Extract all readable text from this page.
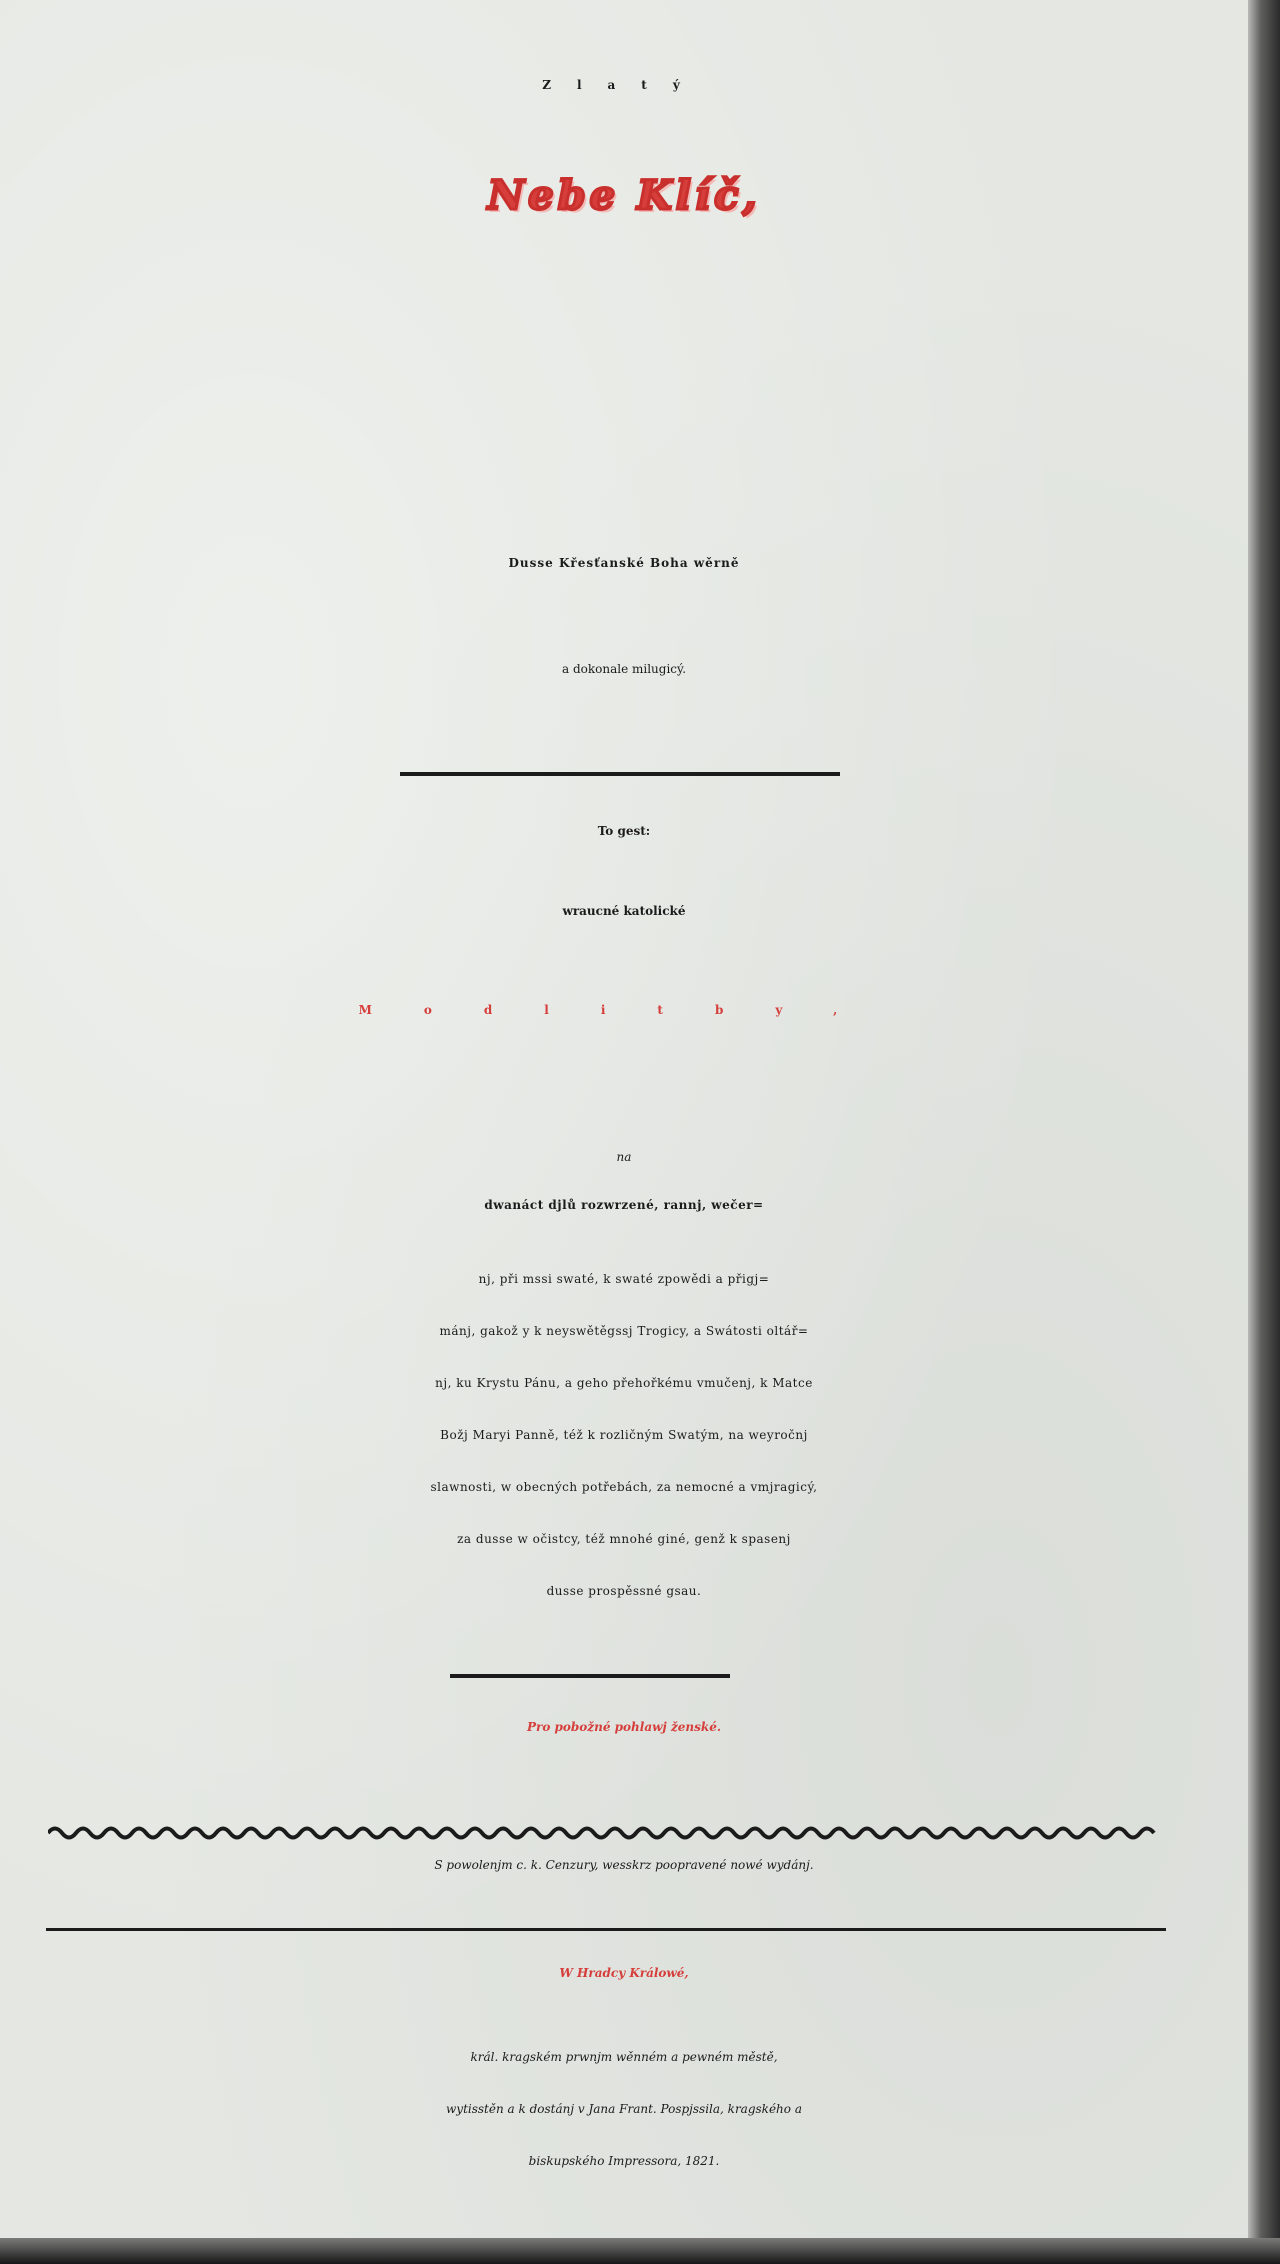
Zlatý
Nebe Klíč,
Dusse Křesťanské Boha wěrně
a dokonale milugicý.
To gest:
wraucné katolické
Modlitby,
na
dwanáct djlů rozwrzené, rannj, wečer=
nj, při mssi swaté, k swaté zpowědi a přigj=
mánj, gakož y k neyswětěgssj Trogicy, a Swátosti oltář=
nj, ku Krystu Pánu, a geho přehořkému vmučenj, k Matce
Božj Maryi Panně, též k rozličným Swatým, na weyročnj
slawnosti, w obecných potřebách, za nemocné a vmjragicý,
za dusse w očistcy, též mnohé giné, genž k spasenj
dusse prospěssné gsau.
Pro pobožné pohlawj ženské.
S powolenjm c. k. Cenzury, wesskrz poopravené nowé wydánj.
W Hradcy Králowé,
král. kragském prwnjm wěnném a pewném městě,
wytisstěn a k dostánj v Jana Frant. Pospjssila, kragského a
biskupského Impressora, 1821.
